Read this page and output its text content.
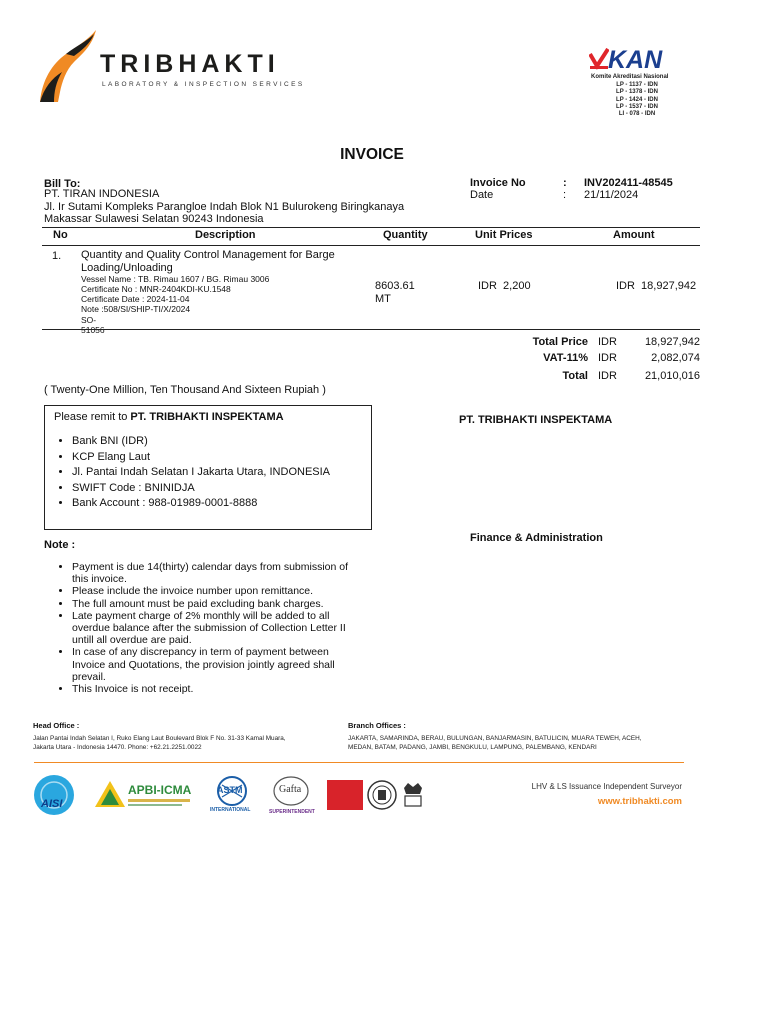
TRIBHAKTI
LABORATORY & INSPECTION SERVICES
KAN
Komite Akreditasi Nasional
LP - 1137 - IDN
LP - 1378 - IDN
LP - 1424 - IDN
LP - 1537 - IDN
LI - 078 - IDN
INVOICE
Bill To:
PT. TIRAN INDONESIA
Jl. Ir Sutami Kompleks Parangloe Indah Blok N1 Bulurokeng Biringkanaya
Makassar Sulawesi Selatan 90243 Indonesia
Invoice No	: INV202411-48545
Date	: 21/11/2024
No	Description	Quantity	Unit Prices	Amount
1. Quantity and Quality Control Management for Barge
Loading/Unloading
Vessel Name : TB. Rimau 1607 / BG. Rimau 3006
Certificate No : MNR-2404KDI-KU.1548
Certificate Date : 2024-11-04
Note :508/SI/SHIP-TI/X/2024
SO-51056
8603.61 MT
IDR  2,200	IDR  18,927,942
Total Price IDR	18,927,942
VAT-11% IDR	2,082,074
Total IDR	21,010,016
( Twenty-One Million, Ten Thousand And Sixteen Rupiah )
Please remit to PT. TRIBHAKTI INSPEKTAMA
• Bank BNI (IDR)
• KCP Elang Laut
• Jl. Pantai Indah Selatan I Jakarta Utara, INDONESIA
• SWIFT Code : BNINIDJA
• Bank Account : 988-01989-0001-8888
PT. TRIBHAKTI INSPEKTAMA
Finance & Administration
Note :
• Payment is due 14(thirty) calendar days from submission of this invoice.
• Please include the invoice number upon remittance.
• The full amount must be paid excluding bank charges.
• Late payment charge of 2% monthly will be added to all overdue balance after the submission of Collection Letter II untill all overdue are paid.
• In case of any discrepancy in term of payment between Invoice and Quotations, the provision jointly agreed shall prevail.
• This Invoice is not receipt.
Head Office :
Jalan Pantai Indah Selatan I, Ruko Elang Laut Boulevard Blok F No. 31-33 Kamal Muara,
Jakarta Utara - Indonesia 14470. Phone: +62.21.2251.0022
Branch Offices :
JAKARTA, SAMARINDA, BERAU, BULUNGAN, BANJARMASIN, BATULICIN, MUARA TEWEH, ACEH,
MEDAN, BATAM, PADANG, JAMBI, BENGKULU, LAMPUNG, PALEMBANG, KENDARI
AISI
APBI-ICMA	ASTM
INTERNATIONAL
Gafta
SUPERINTENDENT
LHV & LS Issuance Independent Surveyor
www.tribhakti.com
